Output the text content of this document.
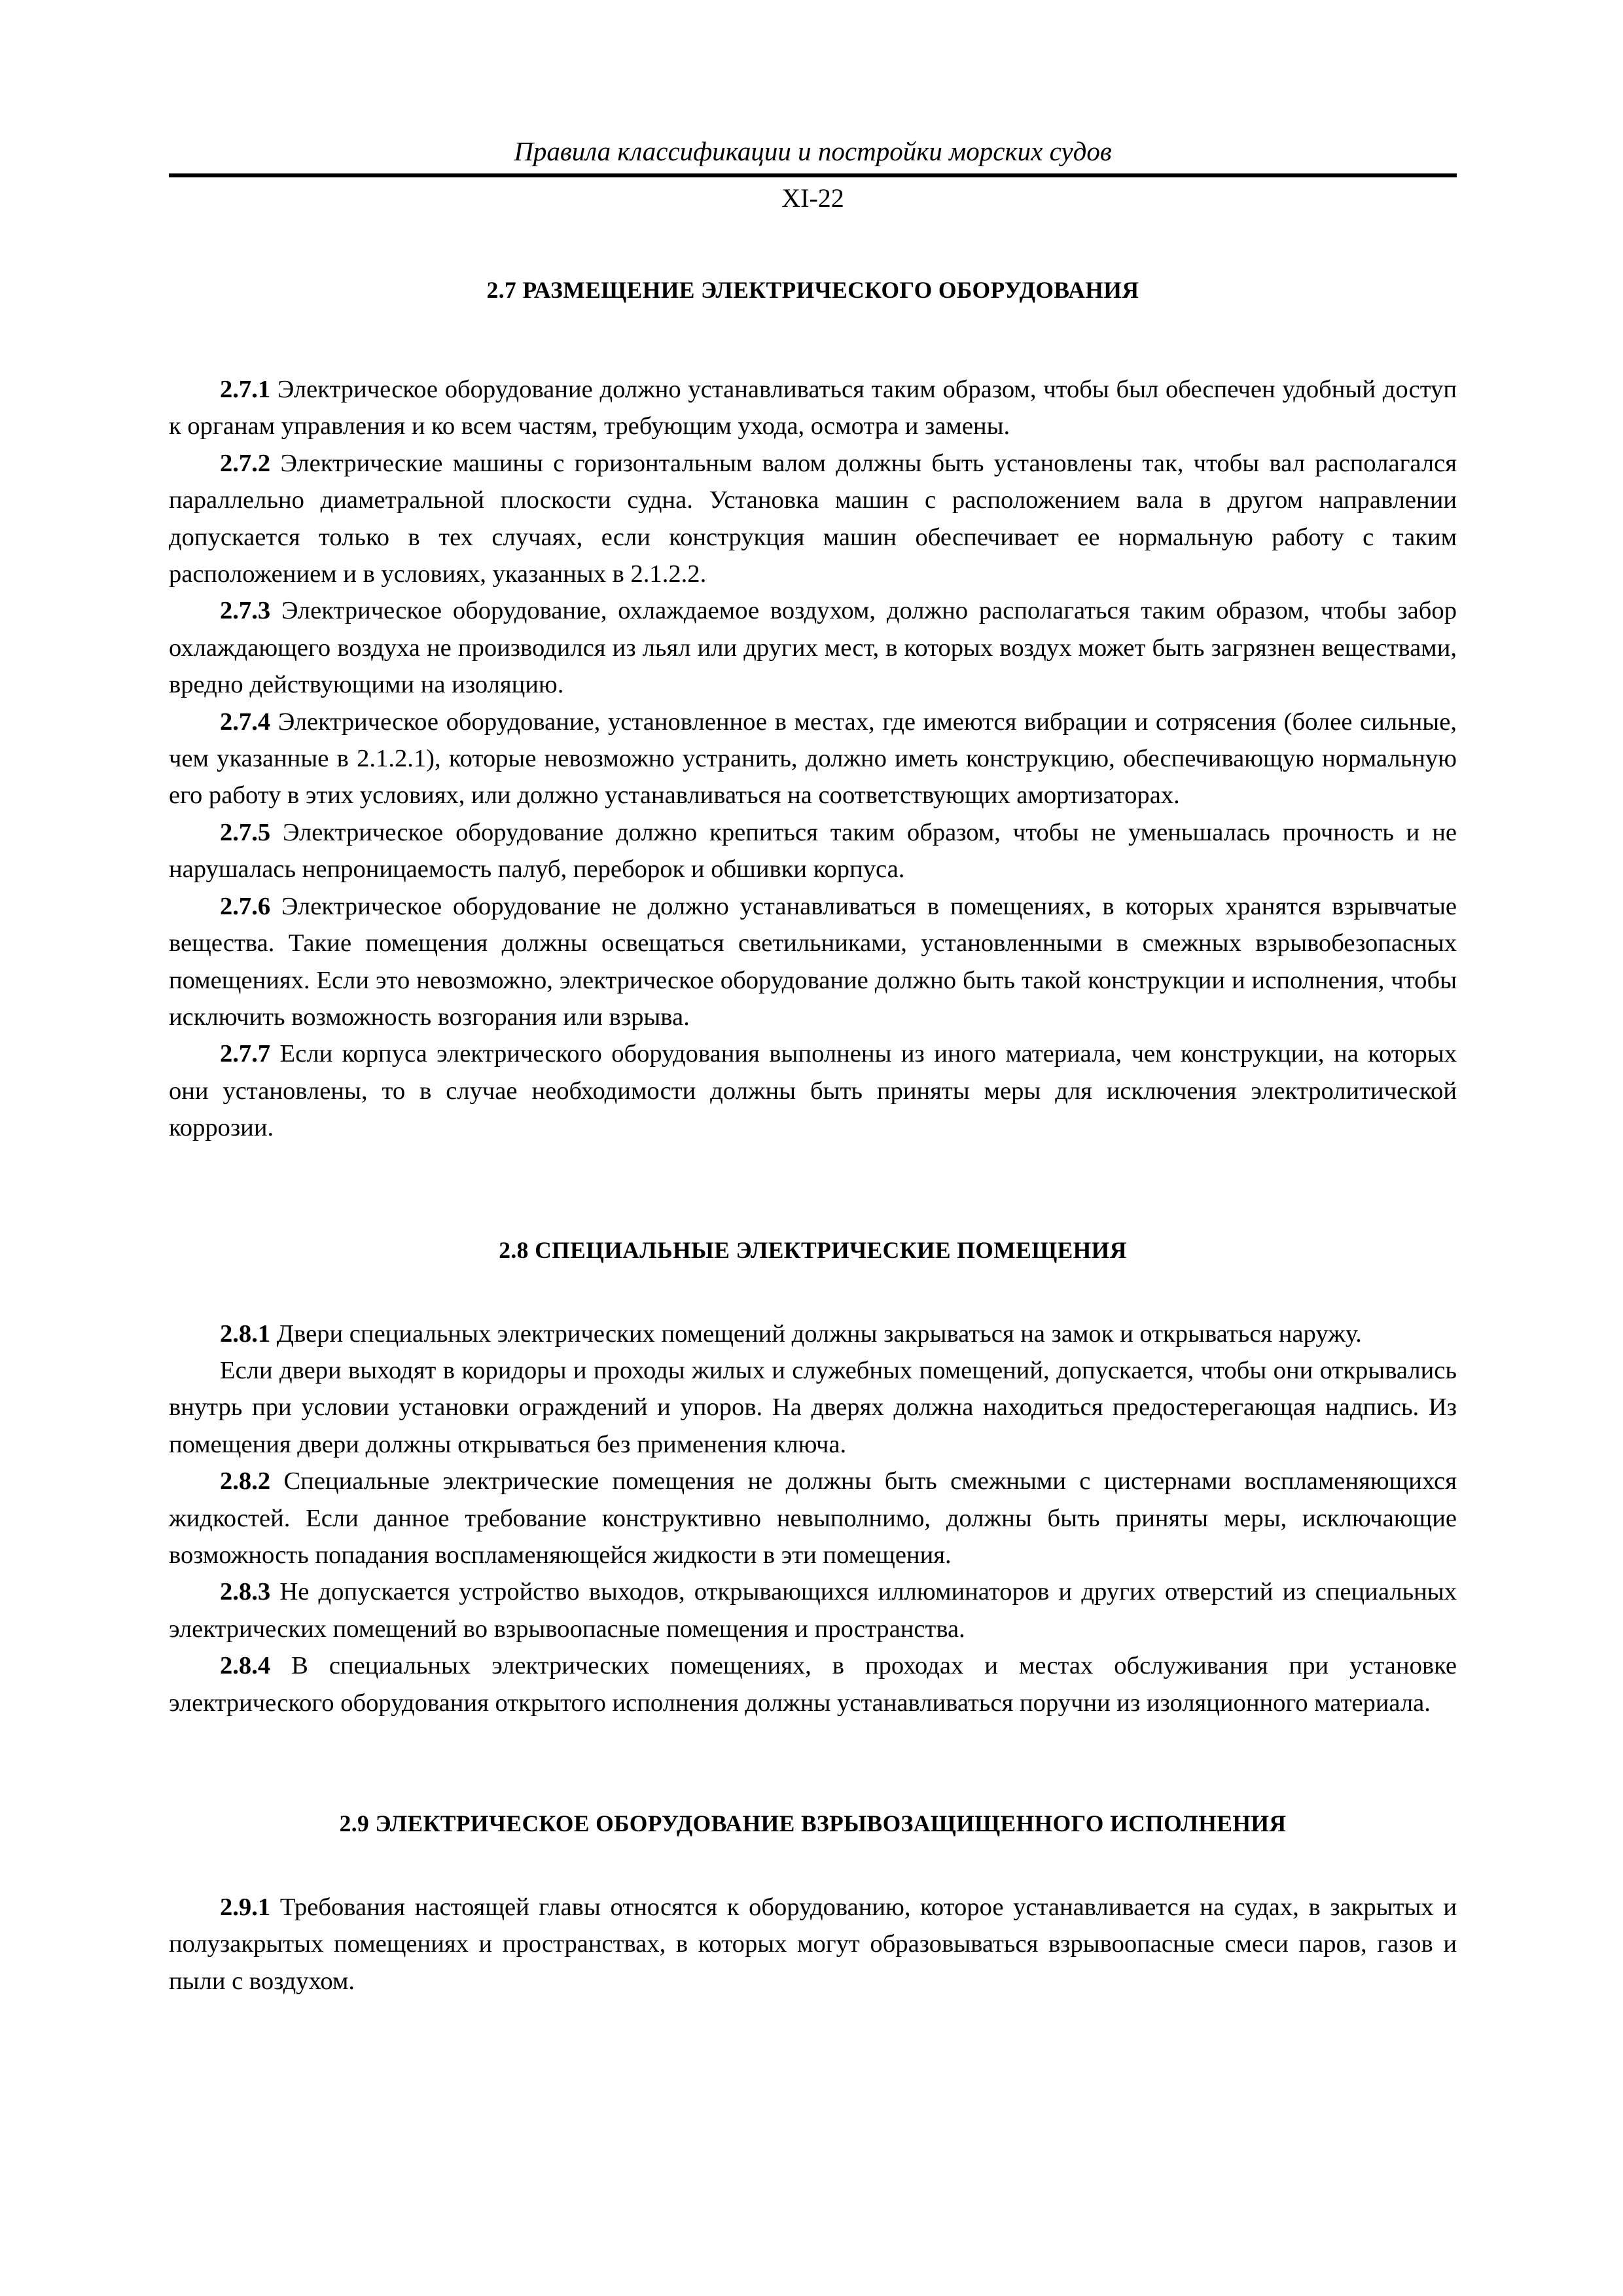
Правила классификации и постройки морских судов
XI-22
2.7 РАЗМЕЩЕНИЕ ЭЛЕКТРИЧЕСКОГО ОБОРУДОВАНИЯ

2.7.1 Электрическое оборудование должно устанавливаться таким образом, чтобы был обеспечен удобный доступ к органам управления и ко всем частям, требующим ухода, осмотра и замены.

2.7.2 Электрические машины с горизонтальным валом должны быть установлены так, чтобы вал располагался параллельно диаметральной плоскости судна. Установка машин с расположением вала в другом направлении допускается только в тех случаях, если конструкция машин обеспечивает ее нормальную работу с таким расположением и в условиях, указанных в 2.1.2.2.

2.7.3 Электрическое оборудование, охлаждаемое воздухом, должно располагаться таким образом, чтобы забор охлаждающего воздуха не производился из льял или других мест, в которых воздух может быть загрязнен веществами, вредно действующими на изоляцию.

2.7.4 Электрическое оборудование, установленное в местах, где имеются вибрации и сотрясения (более сильные, чем указанные в 2.1.2.1), которые невозможно устранить, должно иметь конструкцию, обеспечивающую нормальную его работу в этих условиях, или должно устанавливаться на соответствующих амортизаторах.

2.7.5 Электрическое оборудование должно крепиться таким образом, чтобы не уменьшалась прочность и не нарушалась непроницаемость палуб, переборок и обшивки корпуса.

2.7.6 Электрическое оборудование не должно устанавливаться в помещениях, в которых хранятся взрывчатые вещества. Такие помещения должны освещаться светильниками, установленными в смежных взрывобезопасных помещениях. Если это невозможно, электрическое оборудование должно быть такой конструкции и исполнения, чтобы исключить возможность возгорания или взрыва.

2.7.7 Если корпуса электрического оборудования выполнены из иного материала, чем конструкции, на которых они установлены, то в случае необходимости должны быть приняты меры для исключения электролитической коррозии.

2.8 СПЕЦИАЛЬНЫЕ ЭЛЕКТРИЧЕСКИЕ ПОМЕЩЕНИЯ

2.8.1 Двери специальных электрических помещений должны закрываться на замок и открываться наружу.

Если двери выходят в коридоры и проходы жилых и служебных помещений, допускается, чтобы они открывались внутрь при условии установки ограждений и упоров. На дверях должна находиться предостерегающая надпись. Из помещения двери должны открываться без применения ключа.

2.8.2 Специальные электрические помещения не должны быть смежными с цистернами воспламеняющихся жидкостей. Если данное требование конструктивно невыполнимо, должны быть приняты меры, исключающие возможность попадания воспламеняющейся жидкости в эти помещения.

2.8.3 Не допускается устройство выходов, открывающихся иллюминаторов и других отверстий из специальных электрических помещений во взрывоопасные помещения и пространства.

2.8.4 В специальных электрических помещениях, в проходах и местах обслуживания при установке электрического оборудования открытого исполнения должны устанавливаться поручни из изоляционного материала.

2.9 ЭЛЕКТРИЧЕСКОЕ ОБОРУДОВАНИЕ ВЗРЫВОЗАЩИЩЕННОГО ИСПОЛНЕНИЯ

2.9.1 Требования настоящей главы относятся к оборудованию, которое устанавливается на судах, в закрытых и полузакрытых помещениях и пространствах, в которых могут образовываться взрывоопасные смеси паров, газов и пыли с воздухом.
